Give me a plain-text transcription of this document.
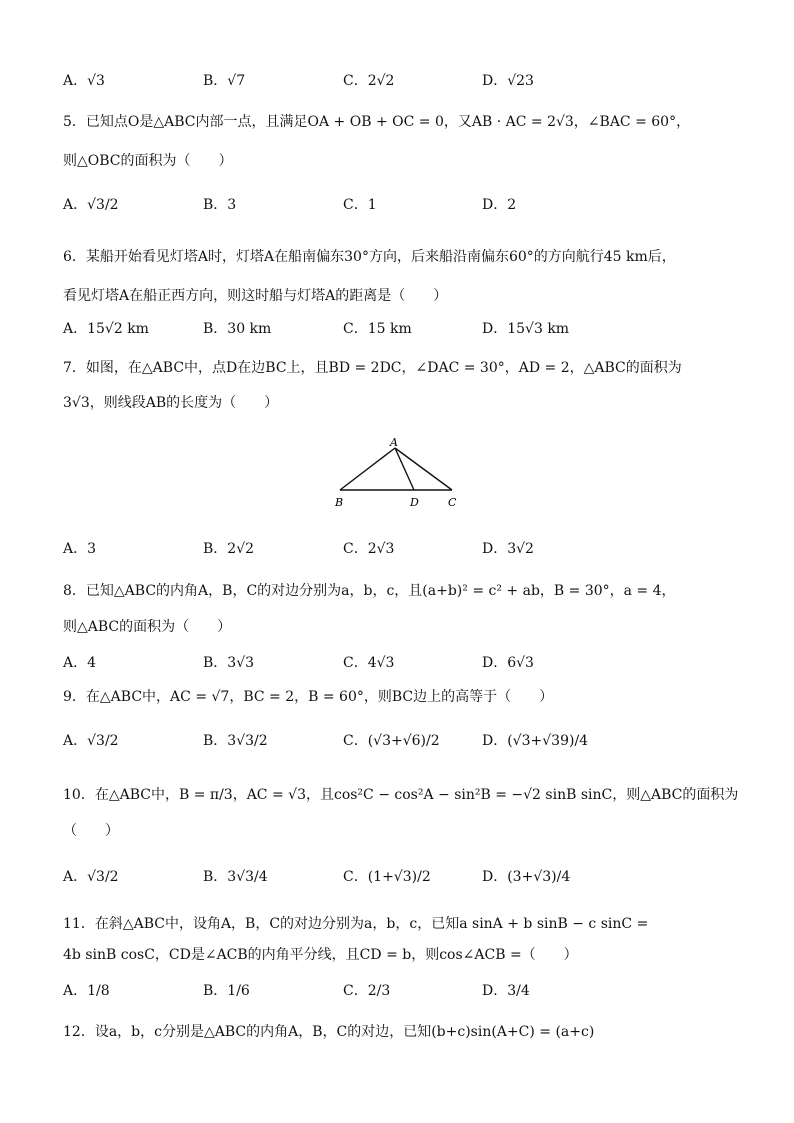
A．√3	B．√7	C．2√2	D．√23
5．已知点O是△ABC内部一点，且满足OA + OB + OC = 0，又AB · AC = 2√3，∠BAC = 60°，
则△OBC的面积为（　　）
A．√3/2	B．3	C．1	D．2
6．某船开始看见灯塔A时，灯塔A在船南偏东30°方向，后来船沿南偏东60°的方向航行45 km后，
看见灯塔A在船正西方向，则这时船与灯塔A的距离是（　　）
A．15√2 km	B．30 km	C．15 km	D．15√3 km
7．如图，在△ABC中，点D在边BC上，且BD = 2DC，∠DAC = 30°，AD = 2，△ABC的面积为
3√3，则线段AB的长度为（　　）
A
B	D	C
A．3	B．2√2	C．2√3	D．3√2
8．已知△ABC的内角A，B，C的对边分别为a，b，c，且(a+b)² = c² + ab，B = 30°，a = 4，
则△ABC的面积为（　　）
A．4	B．3√3	C．4√3	D．6√3
9．在△ABC中，AC = √7，BC = 2，B = 60°，则BC边上的高等于（　　）
A．√3/2	B．3√3/2	C．(√3+√6)/2	D．(√3+√39)/4
10．在△ABC中，B = π/3，AC = √3，且cos²C − cos²A − sin²B = −√2 sinB sinC，则△ABC的面积为
（　　）
A．√3/2	B．3√3/4	C．(1+√3)/2	D．(3+√3)/4
11．在斜△ABC中，设角A，B，C的对边分别为a，b，c，已知a sinA + b sinB − c sinC =
4b sinB cosC，CD是∠ACB的内角平分线，且CD = b，则cos∠ACB =（　　）
A．1/8	B．1/6	C．2/3	D．3/4
12．设a，b，c分别是△ABC的内角A，B，C的对边，已知(b+c)sin(A+C) = (a+c)
